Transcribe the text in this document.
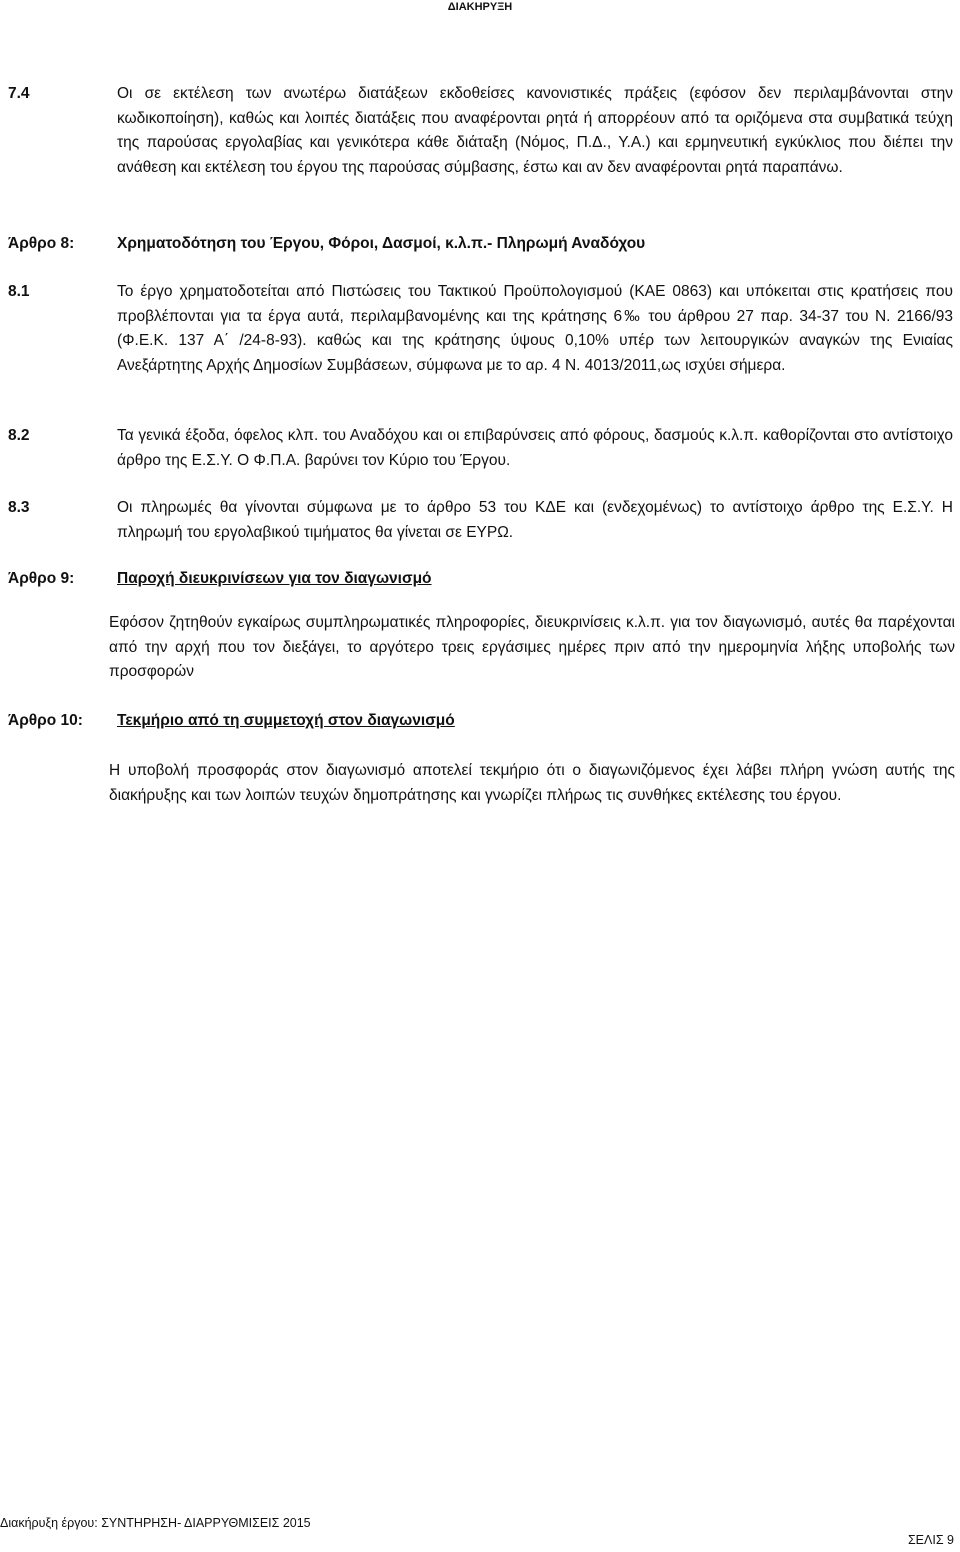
ΔΙΑΚΗΡΥΞΗ
7.4	Οι σε εκτέλεση των ανωτέρω διατάξεων εκδοθείσες κανονιστικές πράξεις (εφόσον δεν περιλαμβάνονται στην κωδικοποίηση), καθώς και λοιπές διατάξεις που αναφέρονται ρητά ή απορρέουν από τα οριζόμενα στα συμβατικά τεύχη της παρούσας εργολαβίας και γενικότερα κάθε διάταξη (Νόμος, Π.Δ., Υ.Α.) και ερμηνευτική εγκύκλιος που διέπει την ανάθεση και εκτέλεση του έργου της παρούσας σύμβασης, έστω και αν δεν αναφέρονται ρητά παραπάνω.
Άρθρο 8:	Χρηματοδότηση του Έργου, Φόροι, Δασμοί, κ.λ.π.- Πληρωμή Αναδόχου
8.1	Το έργο χρηματοδοτείται από Πιστώσεις του Τακτικού Προϋπολογισμού (ΚΑΕ 0863) και υπόκειται στις κρατήσεις που προβλέπονται για τα έργα αυτά, περιλαμβανομένης και της κράτησης 6‰ του άρθρου 27 παρ. 34-37 του Ν. 2166/93 (Φ.Ε.Κ. 137 Α΄ /24-8-93). καθώς και της κράτησης ύψους 0,10% υπέρ των λειτουργικών αναγκών της Ενιαίας Ανεξάρτητης Αρχής Δημοσίων Συμβάσεων, σύμφωνα με το αρ. 4 Ν. 4013/2011,ως ισχύει σήμερα.
8.2	Τα γενικά έξοδα, όφελος κλπ. του Αναδόχου και οι επιβαρύνσεις από φόρους, δασμούς κ.λ.π. καθορίζονται στο αντίστοιχο άρθρο της Ε.Σ.Υ. Ο Φ.Π.Α. βαρύνει τον Κύριο του Έργου.
8.3	Οι πληρωμές θα γίνονται σύμφωνα με το άρθρο 53 του ΚΔΕ και (ενδεχομένως) το αντίστοιχο άρθρο της Ε.Σ.Υ. Η πληρωμή του εργολαβικού τιμήματος θα γίνεται σε ΕΥΡΩ.
Άρθρο 9:	Παροχή διευκρινίσεων για τον διαγωνισμό
Εφόσον ζητηθούν εγκαίρως συμπληρωματικές πληροφορίες, διευκρινίσεις κ.λ.π. για τον διαγωνισμό, αυτές θα παρέχονται από την αρχή που τον διεξάγει, το αργότερο τρεις εργάσιμες ημέρες πριν από την ημερομηνία λήξης υποβολής των προσφορών
Άρθρο 10: Τεκμήριο από τη συμμετοχή στον διαγωνισμό
Η υποβολή προσφοράς στον διαγωνισμό αποτελεί τεκμήριο ότι ο διαγωνιζόμενος έχει λάβει πλήρη γνώση αυτής της διακήρυξης και των λοιπών τευχών δημοπράτησης και γνωρίζει πλήρως τις συνθήκες εκτέλεσης του έργου.
Διακήρυξη έργου: ΣΥΝΤΗΡΗΣΗ- ΔΙΑΡΡΥΘΜΙΣΕΙΣ 2015
ΣΕΛΙΣ 9
